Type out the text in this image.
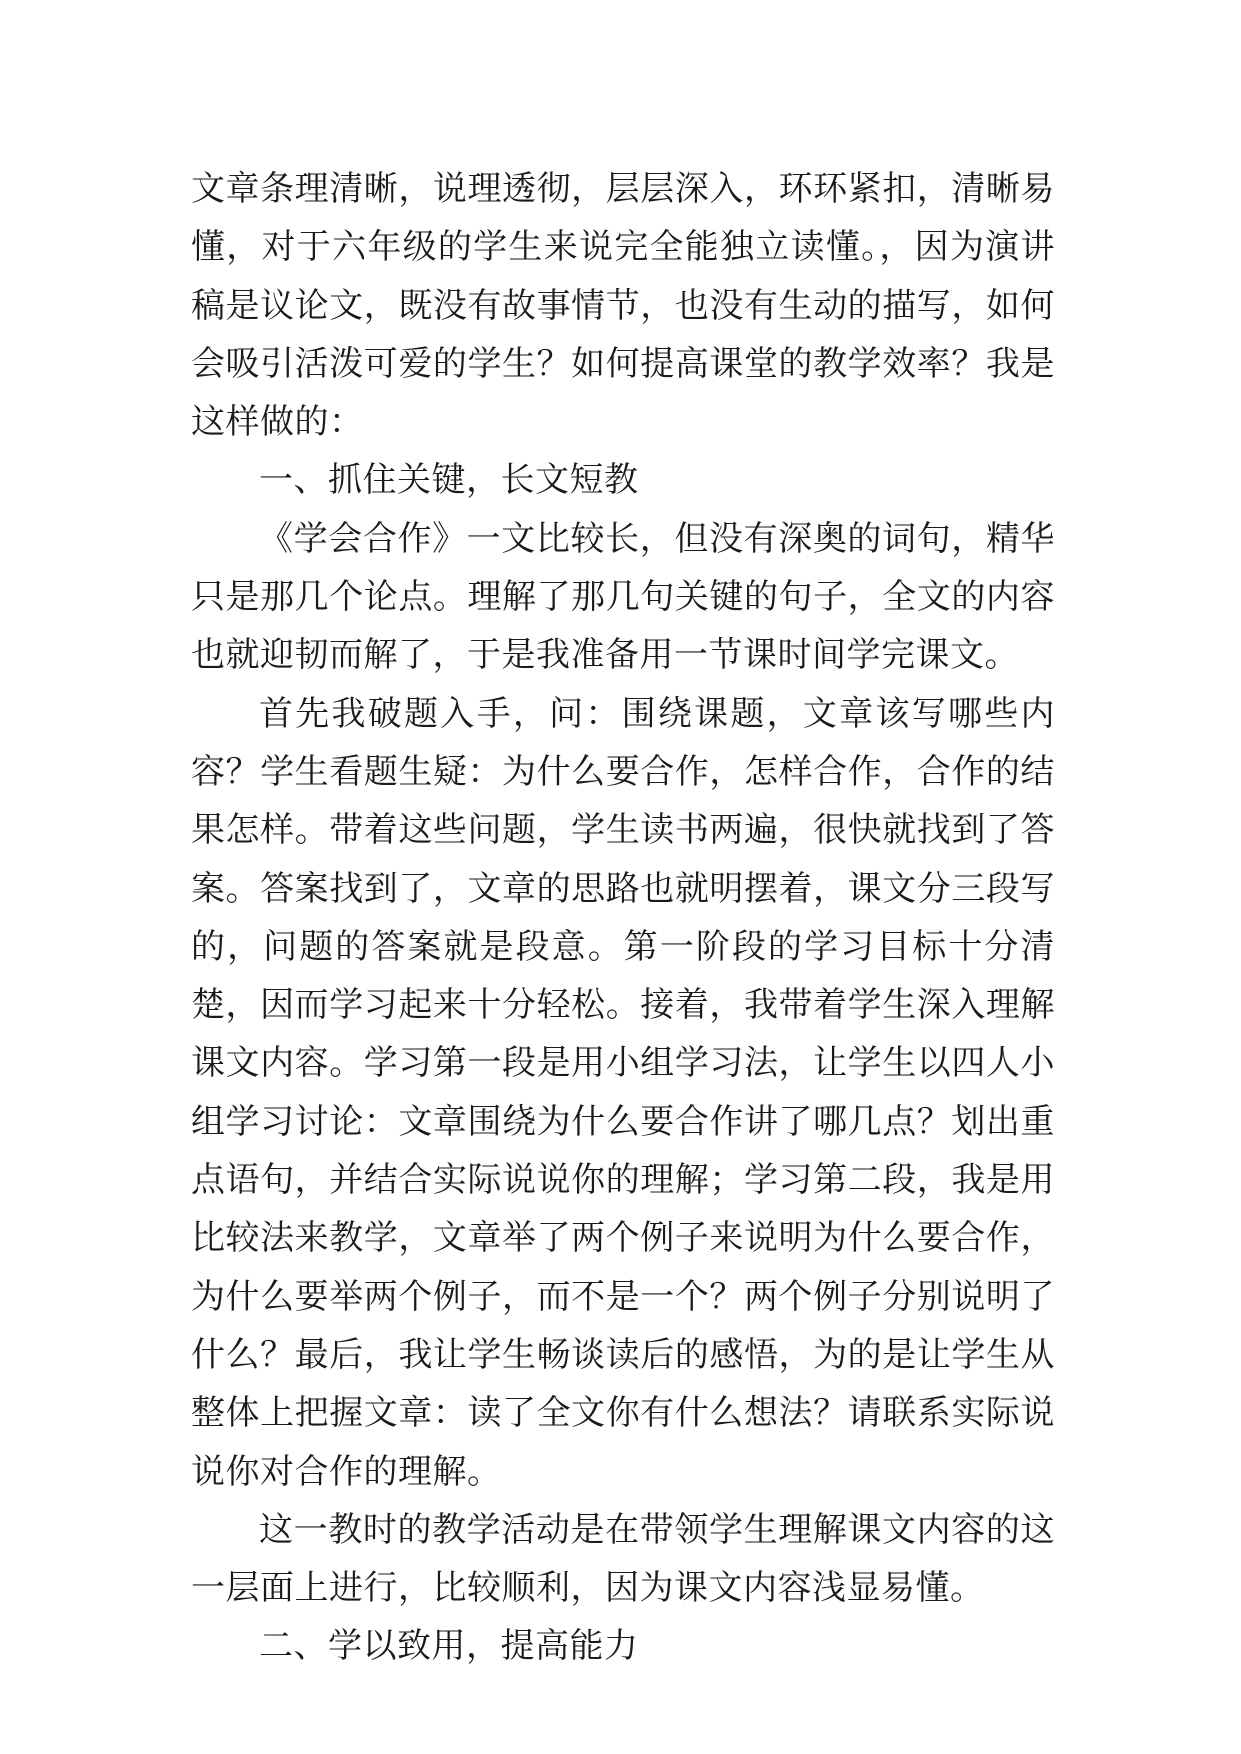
文章条理清晰，说理透彻，层层深入，环环紧扣，清晰易懂，对于六年级的学生来说完全能独立读懂。，因为演讲稿是议论文，既没有故事情节，也没有生动的描写，如何会吸引活泼可爱的学生？如何提高课堂的教学效率？我是这样做的：

一、抓住关键，长文短教

《学会合作》一文比较长，但没有深奥的词句，精华只是那几个论点。理解了那几句关键的句子，全文的内容也就迎韧而解了，于是我准备用一节课时间学完课文。

首先我破题入手，问：围绕课题，文章该写哪些内容？学生看题生疑：为什么要合作，怎样合作，合作的结果怎样。带着这些问题，学生读书两遍，很快就找到了答案。答案找到了，文章的思路也就明摆着，课文分三段写的，问题的答案就是段意。第一阶段的学习目标十分清楚，因而学习起来十分轻松。接着，我带着学生深入理解课文内容。学习第一段是用小组学习法，让学生以四人小组学习讨论：文章围绕为什么要合作讲了哪几点？划出重点语句，并结合实际说说你的理解；学习第二段，我是用比较法来教学，文章举了两个例子来说明为什么要合作，为什么要举两个例子，而不是一个？两个例子分别说明了什么？最后，我让学生畅谈读后的感悟，为的是让学生从整体上把握文章：读了全文你有什么想法？请联系实际说说你对合作的理解。

这一教时的教学活动是在带领学生理解课文内容的这一层面上进行，比较顺利，因为课文内容浅显易懂。

二、学以致用，提高能力
